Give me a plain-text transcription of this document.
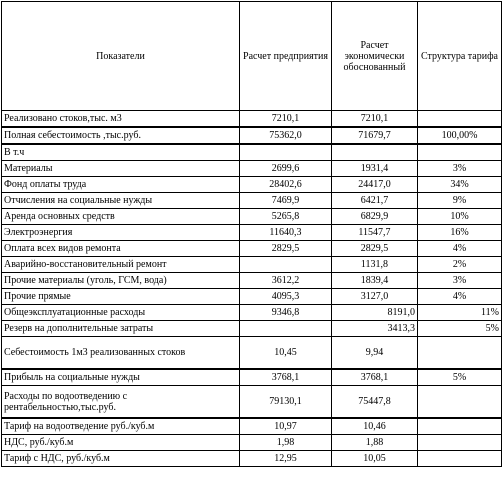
Показатели	Расчет предприятия	Расчет экономически обоснованный	Структура тарифа
Реализовано стоков,тыс. м3	7210,1	7210,1	
Полная себестоимость ,тыс.руб.	75362,0	71679,7	100,00%
В т.ч			
Материалы	2699,6	1931,4	3%
Фонд оплаты труда	28402,6	24417,0	34%
Отчисления на социальные нужды	7469,9	6421,7	9%
Аренда основных средств	5265,8	6829,9	10%
Электроэнергия	11640,3	11547,7	16%
Оплата всех видов ремонта	2829,5	2829,5	4%
Аварийно-восстановительный ремонт		1131,8	2%
Прочие материалы (уголь, ГСМ, вода)	3612,2	1839,4	3%
Прочие прямые	4095,3	3127,0	4%
Общеэксплуатационные расходы	9346,8	8191,0	11%
Резерв на дополнительные затраты		3413,3	5%
Себестоимость 1м3 реализованных стоков	10,45	9,94	
Прибыль на социальные нужды	3768,1	3768,1	5%
Расходы по водоотведению с рентабельностью,тыс.руб.	79130,1	75447,8	
Тариф на водоотведение руб./куб.м	10,97	10,46	
НДС, руб./куб.м	1,98	1,88	
Тариф с НДС, руб./куб.м	12,95	10,05	
